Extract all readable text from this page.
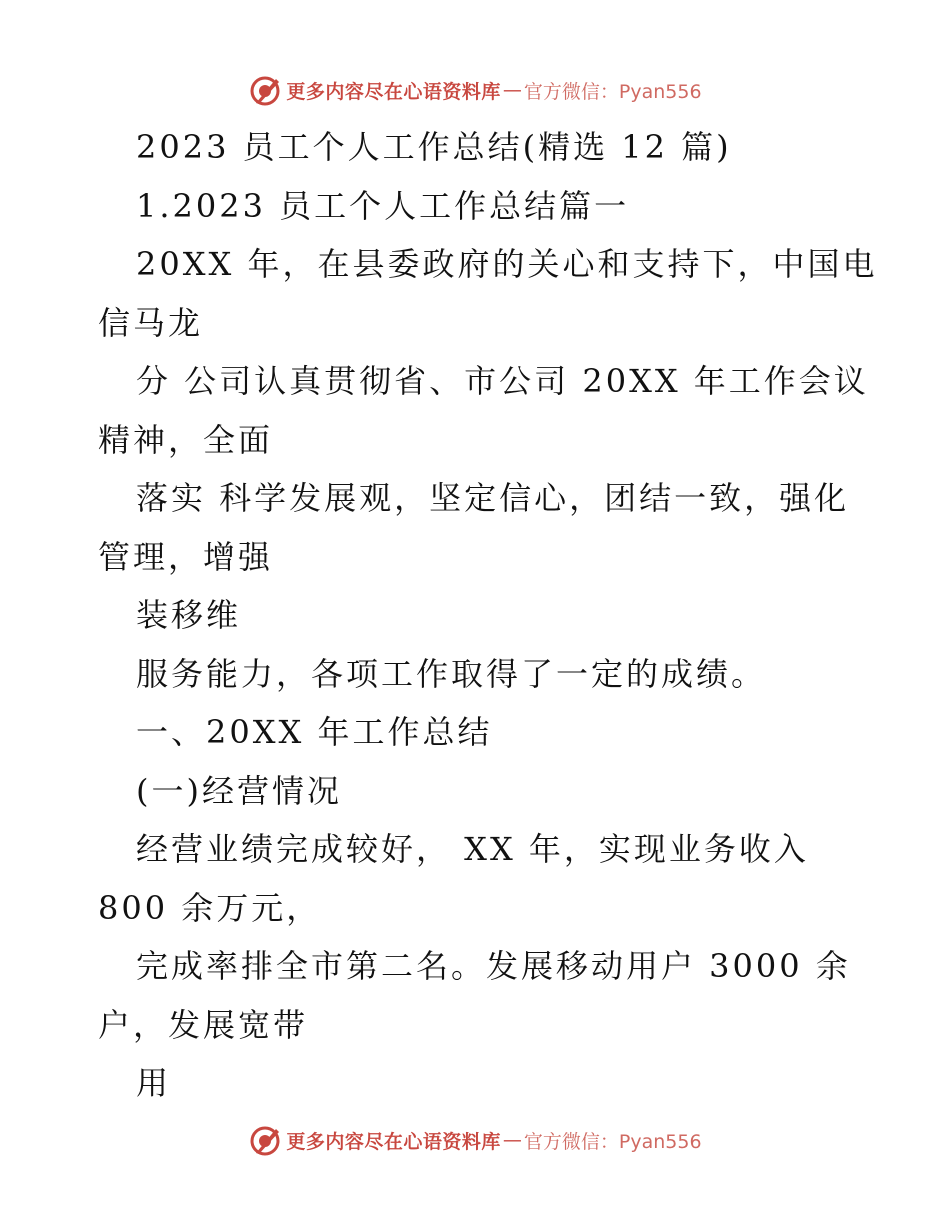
更多内容尽在心语资料库 — 官方微信：Pyan556
2023 员工个人工作总结(精选 12 篇)
1.2023 员工个人工作总结篇一
20XX 年，在县委政府的关心和支持下，中国电
信马龙
分 公司认真贯彻省、市公司 20XX 年工作会议
精神，全面
落实 科学发展观，坚定信心，团结一致，强化
管理，增强
装移维
服务能力，各项工作取得了一定的成绩。
一、20XX 年工作总结
(一)经营情况
经营业绩完成较好， XX 年，实现业务收入
800 余万元，
完成率排全市第二名。发展移动用户 3000 余
户，发展宽带
用
更多内容尽在心语资料库 — 官方微信：Pyan556
